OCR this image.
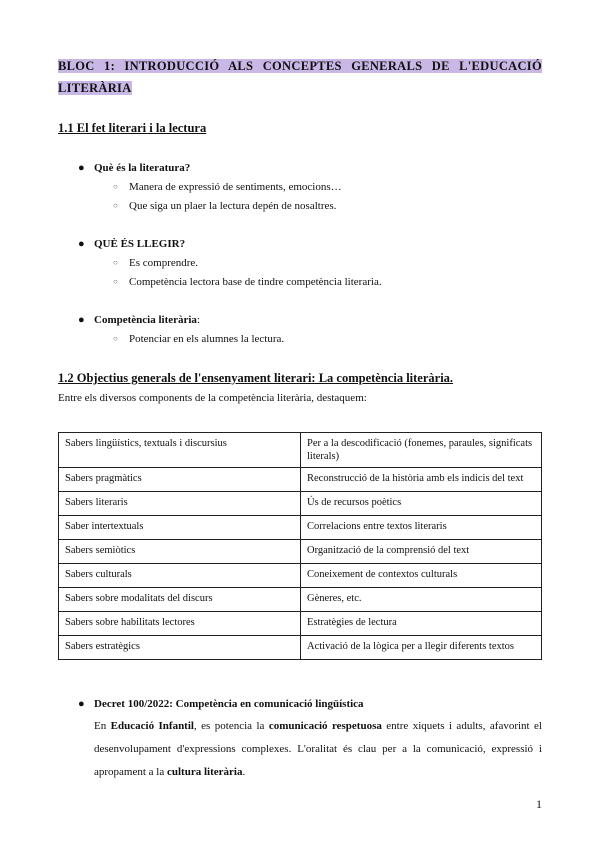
BLOC 1: INTRODUCCIÓ ALS CONCEPTES GENERALS DE L'EDUCACIÓ
LITERÀRIA
1.1 El fet literari i la lectura
● Què és la literatura?
○ Manera de expressió de sentiments, emocions…
○ Que siga un plaer la lectura depén de nosaltres.
● QUÈ ÉS LLEGIR?
○ Es comprendre.
○ Competència lectora base de tindre competència literaria.
● Competència literària:
○ Potenciar en els alumnes la lectura.
1.2 Objectius generals de l'ensenyament literari: La competència literària.
Entre els diversos components de la competència literària, destaquem:
Sabers lingüístics, textuals i discursius	Per a la descodificació (fonemes, paraules, significats literals)
Sabers pragmàtics	Reconstrucció de la història amb els indicis del text
Sabers literaris	Ús de recursos poètics
Saber intertextuals	Correlacions entre textos literaris
Sabers semiòtics	Organització de la comprensió del text
Sabers culturals	Coneixement de contextos culturals
Sabers sobre modalitats del discurs	Gèneres, etc.
Sabers sobre habilitats lectores	Estratègies de lectura
Sabers estratègics	Activació de la lògica per a llegir diferents textos
● Decret 100/2022: Competència en comunicació lingüística
En Educació Infantil, es potencia la comunicació respetuosa entre xiquets i adults, afavorint el desenvolupament d'expressions complexes. L'oralitat és clau per a la comunicació, expressió i apropament a la cultura literària.
1
